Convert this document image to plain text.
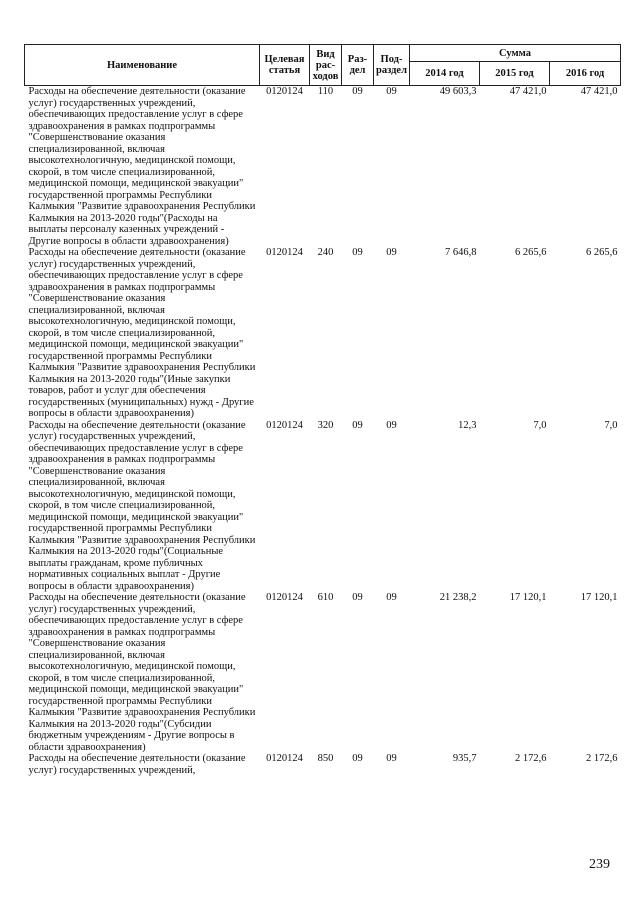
Наименование	Целевая статья	Вид рас-ходов	Раз-дел	Под-раздел	Сумма		
					2014 год	2015 год	2016 год
Расходы на обеспечение деятельности (оказание услуг) государственных учреждений, обеспечивающих предоставление услуг в сфере здравоохранения в рамках подпрограммы "Совершенствование оказания специализированной, включая высокотехнологичную, медицинской помощи, скорой, в том числе специализированной, медицинской помощи, медицинской эвакуации" государственной программы Республики Калмыкия "Развитие здравоохранения Республики Калмыкия на 2013-2020 годы"(Расходы на выплаты персоналу казенных учреждений - Другие вопросы в области здравоохранения)	0120124	110	09	09	49 603,3	47 421,0	47 421,0
Расходы на обеспечение деятельности (оказание услуг) государственных учреждений, обеспечивающих предоставление услуг в сфере здравоохранения в рамках подпрограммы "Совершенствование оказания специализированной, включая высокотехнологичную, медицинской помощи, скорой, в том числе специализированной, медицинской помощи, медицинской эвакуации" государственной программы Республики Калмыкия "Развитие здравоохранения Республики Калмыкия на 2013-2020 годы"(Иные закупки товаров, работ и услуг для обеспечения государственных (муниципальных) нужд - Другие вопросы в области здравоохранения)	0120124	240	09	09	7 646,8	6 265,6	6 265,6
Расходы на обеспечение деятельности (оказание услуг) государственных учреждений, обеспечивающих предоставление услуг в сфере здравоохранения в рамках подпрограммы "Совершенствование оказания специализированной, включая высокотехнологичную, медицинской помощи, скорой, в том числе специализированной, медицинской помощи, медицинской эвакуации" государственной программы Республики Калмыкия "Развитие здравоохранения Республики Калмыкия на 2013-2020 годы"(Социальные выплаты гражданам, кроме публичных нормативных социальных выплат - Другие вопросы в области здравоохранения)	0120124	320	09	09	12,3	7,0	7,0
Расходы на обеспечение деятельности (оказание услуг) государственных учреждений, обеспечивающих предоставление услуг в сфере здравоохранения в рамках подпрограммы "Совершенствование оказания специализированной, включая высокотехнологичную, медицинской помощи, скорой, в том числе специализированной, медицинской помощи, медицинской эвакуации" государственной программы Республики Калмыкия "Развитие здравоохранения Республики Калмыкия на 2013-2020 годы"(Субсидии бюджетным учреждениям - Другие вопросы в области здравоохранения)	0120124	610	09	09	21 238,2	17 120,1	17 120,1
Расходы на обеспечение деятельности (оказание услуг) государственных учреждений,	0120124	850	09	09	935,7	2 172,6	2 172,6
239
